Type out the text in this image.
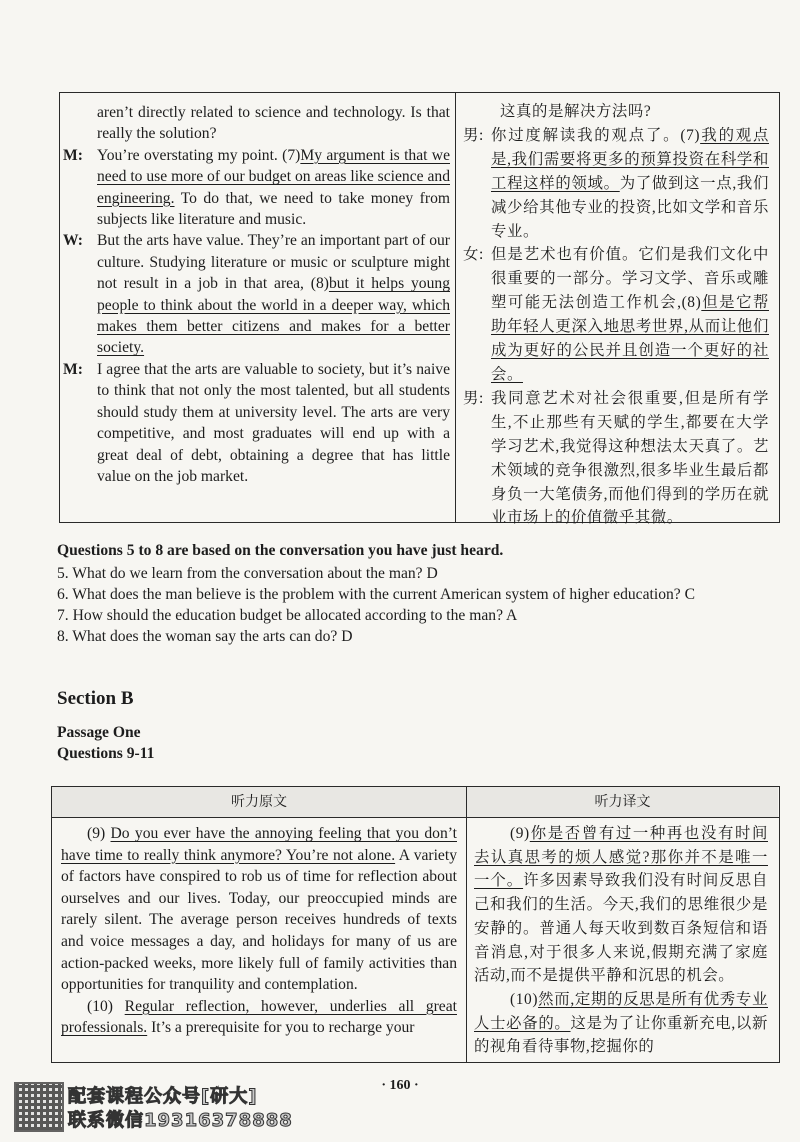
aren’t directly related to science and technology. Is that really the solution?

M: You’re overstating my point. (7)My argument is that we need to use more of our budget on areas like science and engineering. To do that, we need to take money from subjects like literature and music.
W: But the arts have value. They’re an important part of our culture. Studying literature or music or sculpture might not result in a job in that area, (8)but it helps young people to think about the world in a deeper way, which makes them better citizens and makes for a better society.
M: I agree that the arts are valuable to society, but it’s naive to think that not only the most talented, but all students should study them at university level. The arts are very competitive, and most graduates will end up with a great deal of debt, obtaining a degree that has little value on the job market.

这真的是解决方法吗?

男: 你过度解读我的观点了。(7)我的观点是,我们需要将更多的预算投资在科学和工程这样的领域。为了做到这一点,我们减少给其他专业的投资,比如文学和音乐专业。
女: 但是艺术也有价值。它们是我们文化中很重要的一部分。学习文学、音乐或雕塑可能无法创造工作机会,(8)但是它帮助年轻人更深入地思考世界,从而让他们成为更好的公民并且创造一个更好的社会。
男: 我同意艺术对社会很重要,但是所有学生,不止那些有天赋的学生,都要在大学学习艺术,我觉得这种想法太天真了。艺术领域的竞争很激烈,很多毕业生最后都身负一大笔债务,而他们得到的学历在就业市场上的价值微乎其微。
Questions 5 to 8 are based on the conversation you have just heard.
5. What do we learn from the conversation about the man? D
6. What does the man believe is the problem with the current American system of higher education? C
7. How should the education budget be allocated according to the man? A
8. What does the woman say the arts can do? D
Section B
Passage One
Questions 9-11
听力原文	听力译文

(9) Do you ever have the annoying feeling that you don’t have time to really think anymore? You’re not alone. A variety of factors have conspired to rob us of time for reflection about ourselves and our lives. Today, our preoccupied minds are rarely silent. The average person receives hundreds of texts and voice messages a day, and holidays for many of us are action-packed weeks, more likely full of family activities than opportunities for tranquility and contemplation.

(10) Regular reflection, however, underlies all great professionals. It’s a prerequisite for you to recharge your

(9)你是否曾有过一种再也没有时间去认真思考的烦人感觉?那你并不是唯一一个。许多因素导致我们没有时间反思自己和我们的生活。今天,我们的思维很少是安静的。普通人每天收到数百条短信和语音消息,对于很多人来说,假期充满了家庭活动,而不是提供平静和沉思的机会。

(10)然而,定期的反思是所有优秀专业人士必备的。这是为了让你重新充电,以新的视角看待事物,挖掘你的

· 160 ·
配套课程公众号[研大]
联系微信19316378888
